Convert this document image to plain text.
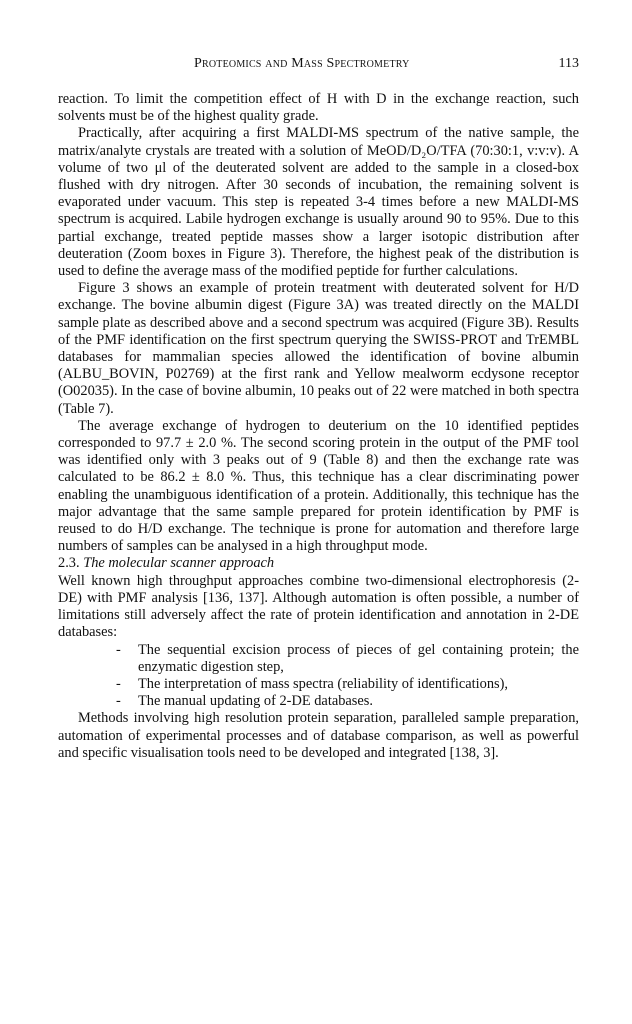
Proteomics and Mass Spectrometry	113

reaction. To limit the competition effect of H with D in the exchange reaction, such solvents must be of the highest quality grade.

Practically, after acquiring a first MALDI-MS spectrum of the native sample, the matrix/analyte crystals are treated with a solution of MeOD/D₂O/TFA (70:30:1, v:v:v). A volume of two μl of the deuterated solvent are added to the sample in a closed-box flushed with dry nitrogen. After 30 seconds of incubation, the remaining solvent is evaporated under vacuum. This step is repeated 3-4 times before a new MALDI-MS spectrum is acquired. Labile hydrogen exchange is usually around 90 to 95%. Due to this partial exchange, treated peptide masses show a larger isotopic distribution after deuteration (Zoom boxes in Figure 3). Therefore, the highest peak of the distribution is used to define the average mass of the modified peptide for further calculations.

Figure 3 shows an example of protein treatment with deuterated solvent for H/D exchange. The bovine albumin digest (Figure 3A) was treated directly on the MALDI sample plate as described above and a second spectrum was acquired (Figure 3B). Results of the PMF identification on the first spectrum querying the SWISS-PROT and TrEMBL databases for mammalian species allowed the identification of bovine albumin (ALBU_BOVIN, P02769) at the first rank and Yellow mealworm ecdysone receptor (O02035). In the case of bovine albumin, 10 peaks out of 22 were matched in both spectra (Table 7).

The average exchange of hydrogen to deuterium on the 10 identified peptides corresponded to 97.7 ± 2.0 %. The second scoring protein in the output of the PMF tool was identified only with 3 peaks out of 9 (Table 8) and then the exchange rate was calculated to be 86.2 ± 8.0 %. Thus, this technique has a clear discriminating power enabling the unambiguous identification of a protein. Additionally, this technique has the major advantage that the same sample prepared for protein identification by PMF is reused to do H/D exchange. The technique is prone for automation and therefore large numbers of samples can be analysed in a high throughput mode.

2.3. The molecular scanner approach

Well known high throughput approaches combine two-dimensional electrophoresis (2-DE) with PMF analysis [136, 137]. Although automation is often possible, a number of limitations still adversely affect the rate of protein identification and annotation in 2-DE databases:

- The sequential excision process of pieces of gel containing protein; the enzymatic digestion step,
- The interpretation of mass spectra (reliability of identifications),
- The manual updating of 2-DE databases.

Methods involving high resolution protein separation, paralleled sample preparation, automation of experimental processes and of database comparison, as well as powerful and specific visualisation tools need to be developed and integrated [138, 3].
